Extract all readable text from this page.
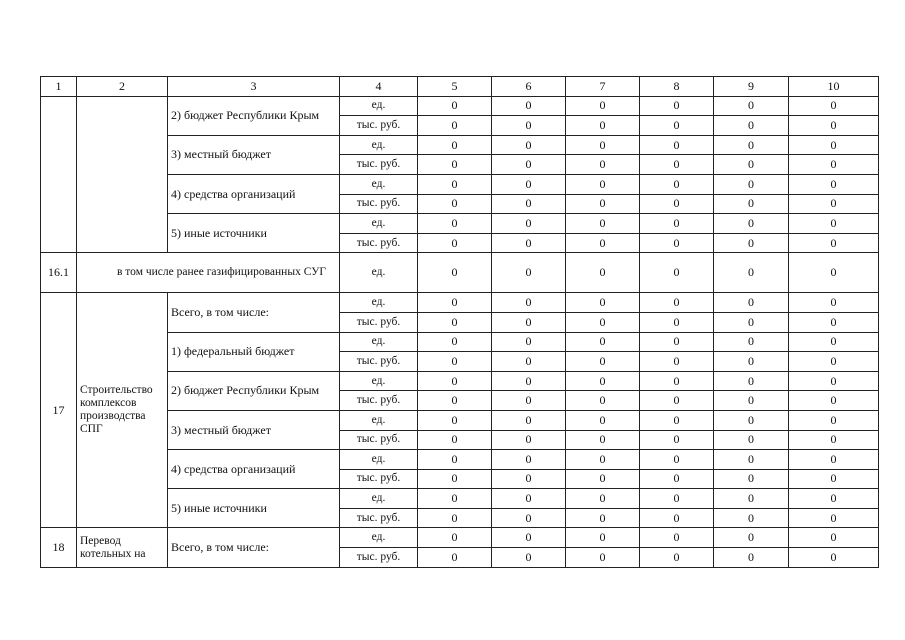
1	2	3	4	5	6	7	8	9	10
		2) бюджет Республики Крым	ед.	0	0	0	0	0	0
			тыс. руб.	0	0	0	0	0	0
		3) местный бюджет	ед.	0	0	0	0	0	0
			тыс. руб.	0	0	0	0	0	0
		4) средства организаций	ед.	0	0	0	0	0	0
			тыс. руб.	0	0	0	0	0	0
		5) иные источники	ед.	0	0	0	0	0	0
			тыс. руб.	0	0	0	0	0	0
16.1	в том числе ранее газифицированных СУГ		ед.	0	0	0	0	0	0
17	Строительство комплексов производства СПГ	Всего, в том числе:	ед.	0	0	0	0	0	0
			тыс. руб.	0	0	0	0	0	0
		1) федеральный бюджет	ед.	0	0	0	0	0	0
			тыс. руб.	0	0	0	0	0	0
		2) бюджет Республики Крым	ед.	0	0	0	0	0	0
			тыс. руб.	0	0	0	0	0	0
		3) местный бюджет	ед.	0	0	0	0	0	0
			тыс. руб.	0	0	0	0	0	0
		4) средства организаций	ед.	0	0	0	0	0	0
			тыс. руб.	0	0	0	0	0	0
		5) иные источники	ед.	0	0	0	0	0	0
			тыс. руб.	0	0	0	0	0	0
18	Перевод котельных на	Всего, в том числе:	ед.	0	0	0	0	0	0
			тыс. руб.	0	0	0	0	0	0
